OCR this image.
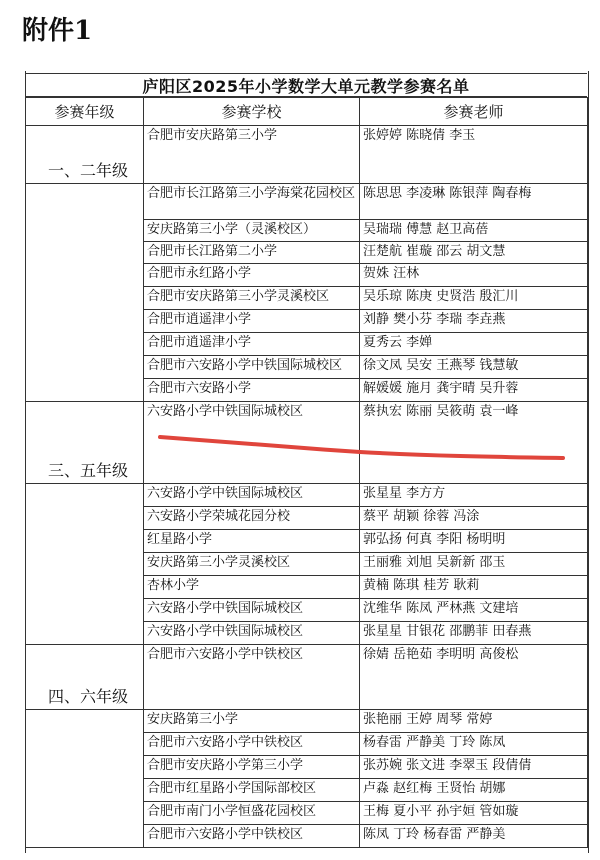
附件1
庐阳区2025年小学数学大单元教学参赛名单
参赛年级	参赛学校	参赛老师
一、二年级	合肥市安庆路第三小学	张婷婷 陈晓倩 李玉
	合肥市长江路第三小学海棠花园校区	陈思思 李凌琳 陈银萍 陶春梅
	安庆路第三小学（灵溪校区）	吴瑞瑞 傅慧 赵卫高蓓
	合肥市长江路第二小学	汪楚航 崔璇 邵云 胡文慧
	合肥市永红路小学	贺姝 汪林
	合肥市安庆路第三小学灵溪校区	吴乐琼 陈庚 史贤浩 殷汇川
	合肥市逍遥津小学	刘静 樊小芬 李瑞 李垚燕
	合肥市逍遥津小学	夏秀云 李婵
	合肥市六安路小学中铁国际城校区	徐文凤 吴安 王燕琴 钱慧敏
	合肥市六安路小学	解媛媛 施月 龚宇晴 吴升蓉
三、五年级	六安路小学中铁国际城校区	蔡执宏 陈丽 吴筱萌 袁一峰
	六安路小学中铁国际城校区	张星星 李方方
	六安路小学荣城花园分校	蔡平 胡颖 徐蓉 冯涂
	红星路小学	郭弘扬 何真 李阳 杨明明
	安庆路第三小学灵溪校区	王丽雅 刘旭 吴新新 邵玉
	杏林小学	黄楠 陈琪 桂芳 耿莉
	六安路小学中铁国际城校区	沈维华 陈凤 严林燕 文建培
	六安路小学中铁国际城校区	张星星 甘银花 邵鹏菲 田春燕
四、六年级	合肥市六安路小学中铁校区	徐婧 岳艳茹 李明明 高俊松
	安庆路第三小学	张艳丽 王婷 周琴 常婷
	合肥市六安路小学中铁校区	杨春雷 严静美 丁玲 陈凤
	合肥市安庆路小学第三小学	张苏婉 张文进 李翠玉 段倩倩
	合肥市红星路小学国际部校区	卢淼 赵红梅 王贤怡 胡娜
	合肥市南门小学恒盛花园校区	王梅 夏小平 孙宇姮 管如璇
	合肥市六安路小学中铁校区	陈凤 丁玲 杨春雷 严静美
